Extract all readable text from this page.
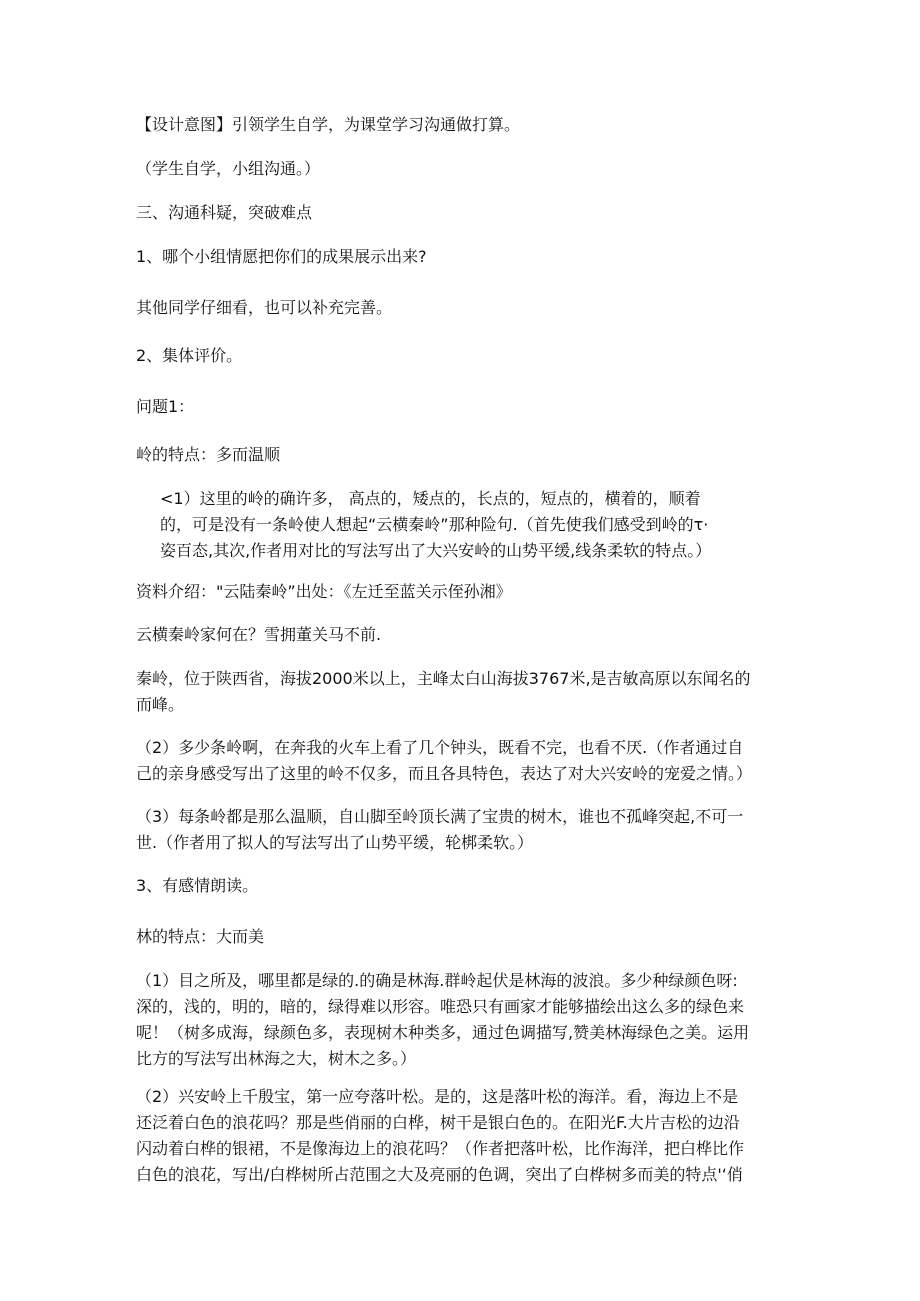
【设计意图】引领学生自学，为课堂学习沟通做打算。

（学生自学，小组沟通。）

三、沟通科疑，突破难点

1、哪个小组情愿把你们的成果展示出来?

其他同学仔细看，也可以补充完善。

2、集体评价。

问题1：

岭的特点：多而温顺

<1）这里的岭的确许多， 高点的，矮点的，长点的，短点的，横着的，顺着
的，可是没有一条岭使人想起“云横秦岭”那种险句.（首先使我们感受到岭的τ·
姿百态,其次,作者用对比的写法写出了大兴安岭的山势平缓,线条柔软的特点。）

资料介绍："云陆秦岭”出处：《左迁至蓝关示侄孙湘》

云横秦岭家何在？雪拥董关马不前.

秦岭，位于陕西省，海拔2000米以上，主峰太白山海拔3767米,是吉敏高原以东闻名的
而峰。

（2）多少条岭啊，在奔我的火车上看了几个钟头，既看不完，也看不厌.（作者通过自
己的亲身感受写出了这里的岭不仅多，而且各具特色，表达了对大兴安岭的宠爱之情。）

（3）每条岭都是那么温顺，自山脚至岭顶长满了宝贵的树木，谁也不孤峰突起,不可一
世.（作者用了拟人的写法写出了山势平缓，轮梆柔软。）

3、有感情朗读。

林的特点：大而美

（1）目之所及，哪里都是绿的.的确是林海.群岭起伏是林海的波浪。多少种绿颜色呀:
深的，浅的，明的，暗的，绿得难以形容。唯恐只有画家才能够描绘出这么多的绿色来
呢！（树多成海，绿颜色多，表现树木种类多，通过色调描写,赞美林海绿色之美。运用
比方的写法写出林海之大，树木之多。）

（2）兴安岭上千殷宝，第一应夸落叶松。是的，这是落叶松的海洋。看，海边上不是
还泛着白色的浪花吗？那是些俏丽的白桦，树干是银白色的。在阳光F.大片吉松的边沿
闪动着白桦的银裙，不是像海边上的浪花吗？（作者把落叶松，比作海洋，把白桦比作
白色的浪花，写出/白桦树所占范围之大及亮丽的色调，突出了白桦树多而美的特点'‘俏
